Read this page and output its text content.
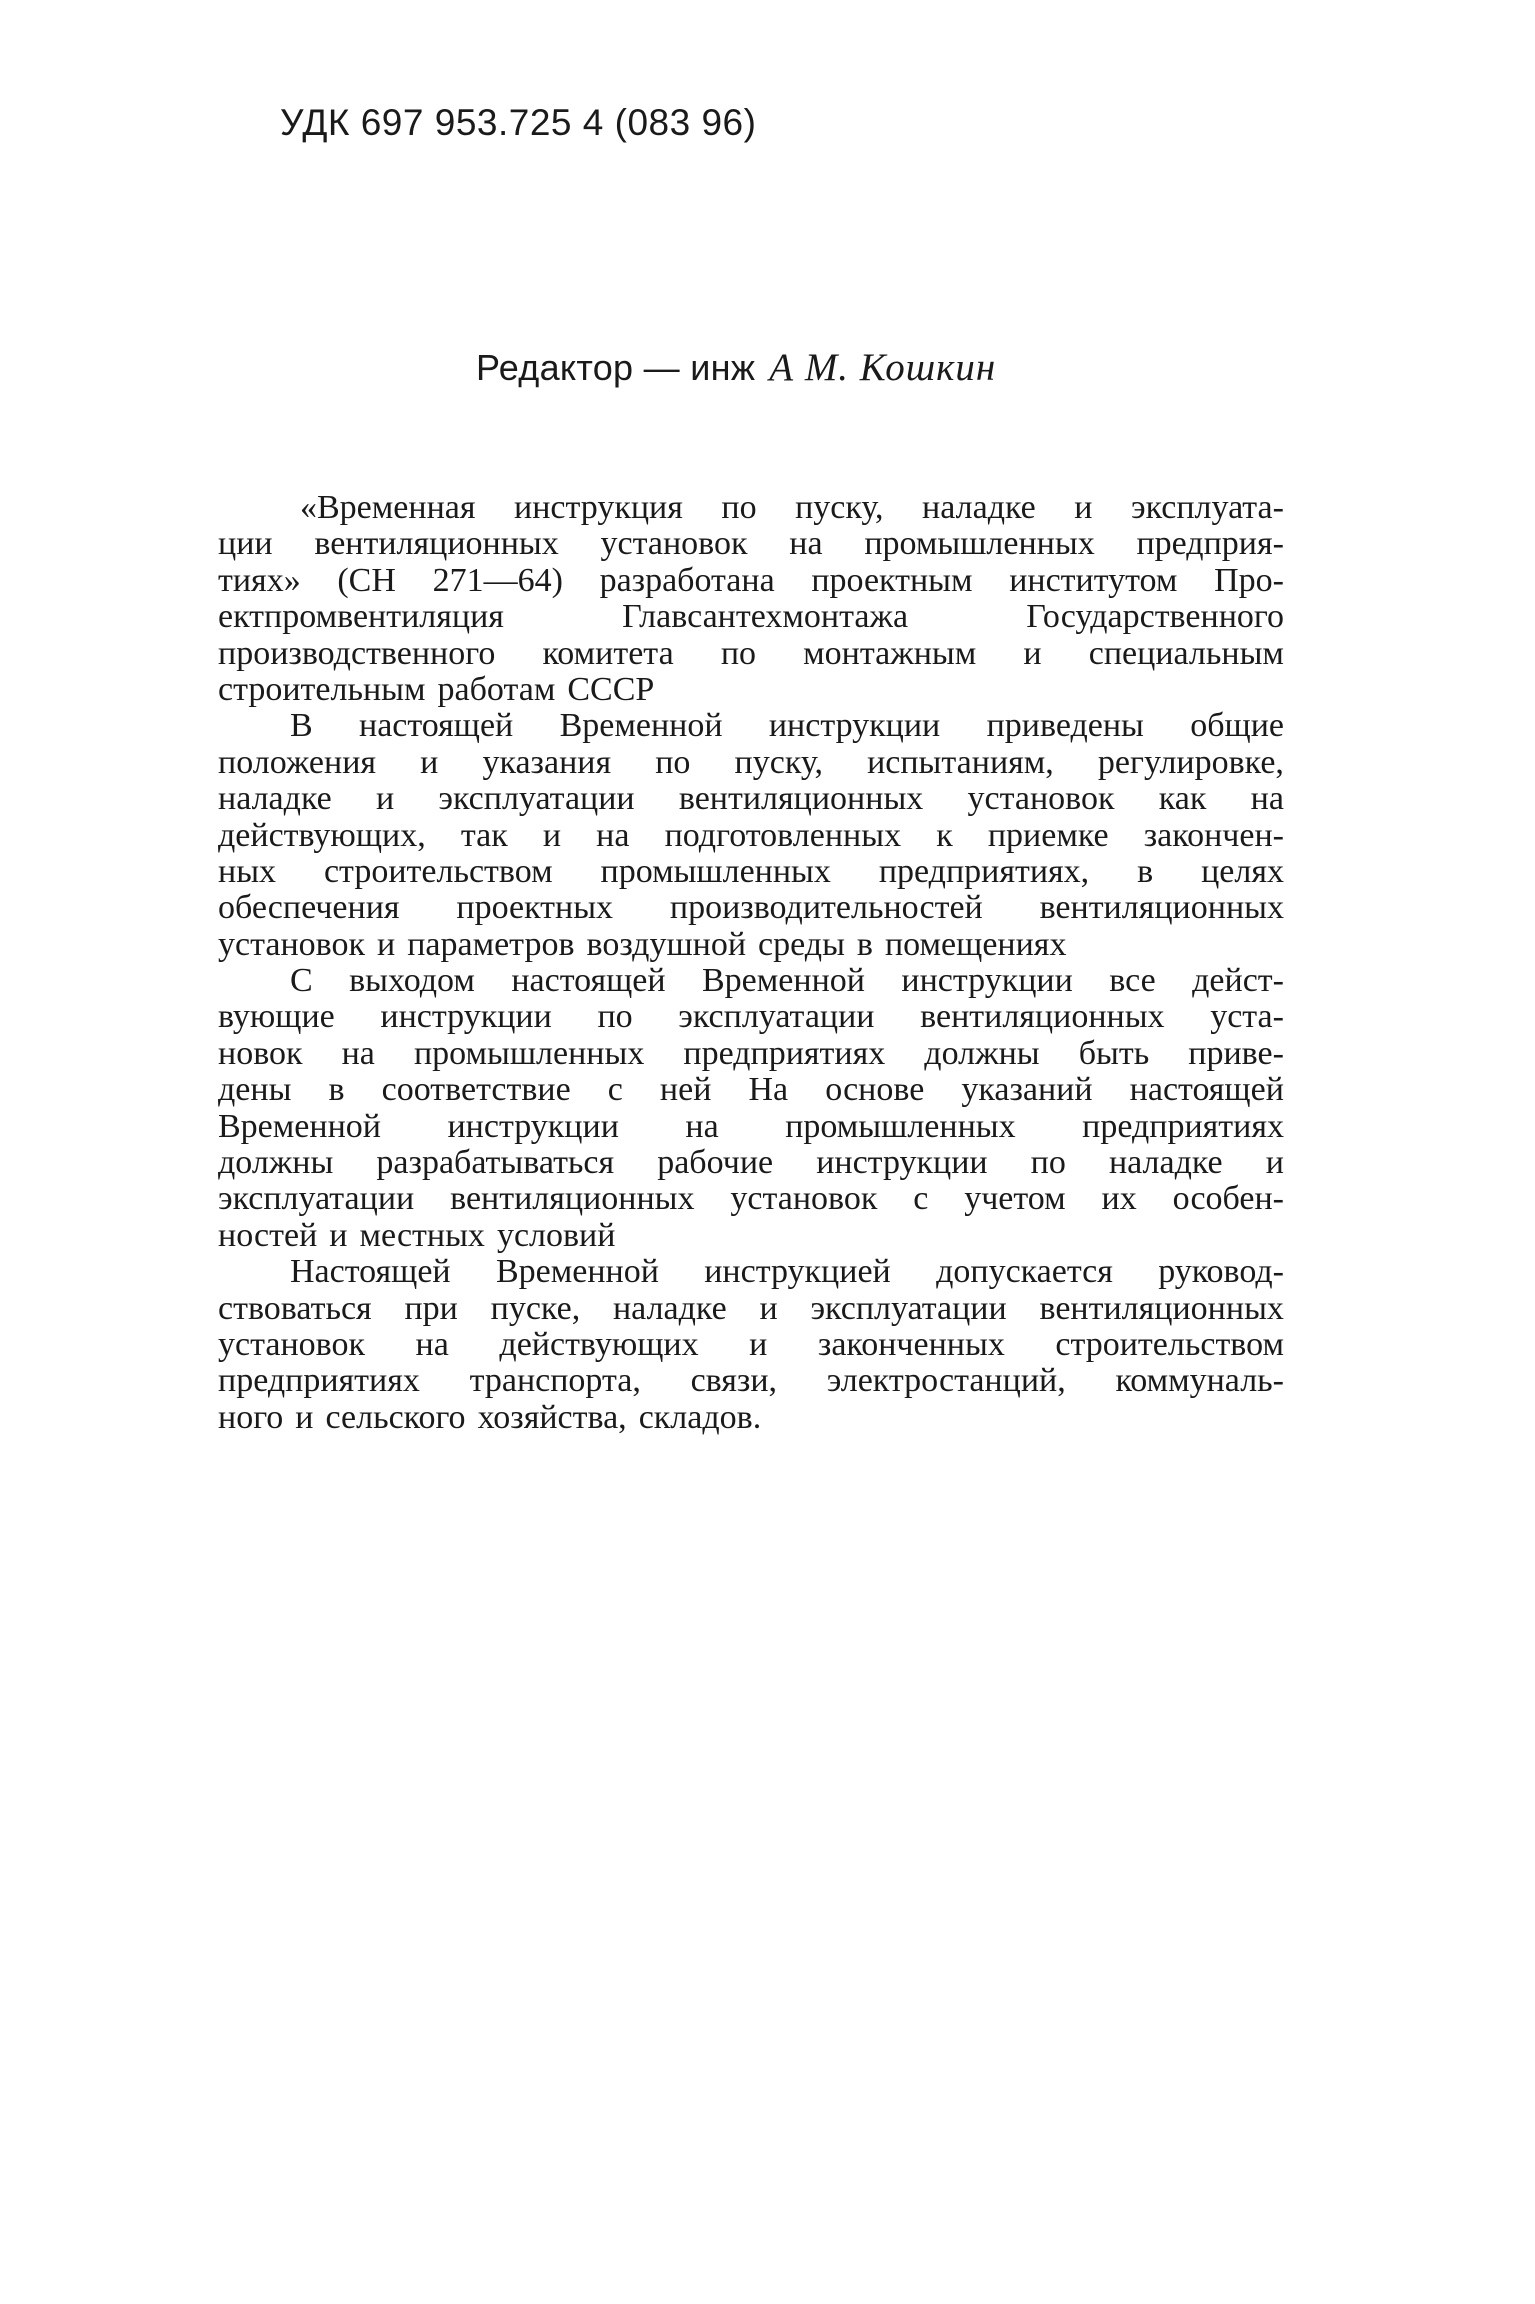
УДК 697 953.725 4 (083 96)
Редактор — инж А М. Кошкин
«Временная инструкция по пуску, наладке и эксплуата-
ции вентиляционных установок на промышленных предприя-
тиях» (СН 271—64) разработана проектным институтом Про-
ектпромвентиляция	Главсантехмонтажа	Государственного
производственного комитета по монтажным и специальным
строительным работам СССР
В настоящей Временной инструкции приведены общие
положения и указания по пуску, испытаниям, регулировке,
наладке и эксплуатации вентиляционных установок как на
действующих, так и на подготовленных к приемке закончен-
ных строительством промышленных предприятиях, в целях
обеспечения проектных производительностей вентиляционных
установок и параметров воздушной среды в помещениях
С выходом настоящей Временной инструкции все дейст-
вующие инструкции по эксплуатации вентиляционных уста-
новок на промышленных предприятиях должны быть приве-
дены в соответствие с ней На основе указаний настоящей
Временной инструкции на промышленных предприятиях
должны разрабатываться рабочие инструкции по наладке и
эксплуатации вентиляционных установок с учетом их особен-
ностей и местных условий
Настоящей Временной инструкцией допускается руковод-
ствоваться при пуске, наладке и эксплуатации вентиляционных
установок на действующих и законченных строительством
предприятиях транспорта, связи, электростанций, коммуналь-
ного и сельского хозяйства, складов.
